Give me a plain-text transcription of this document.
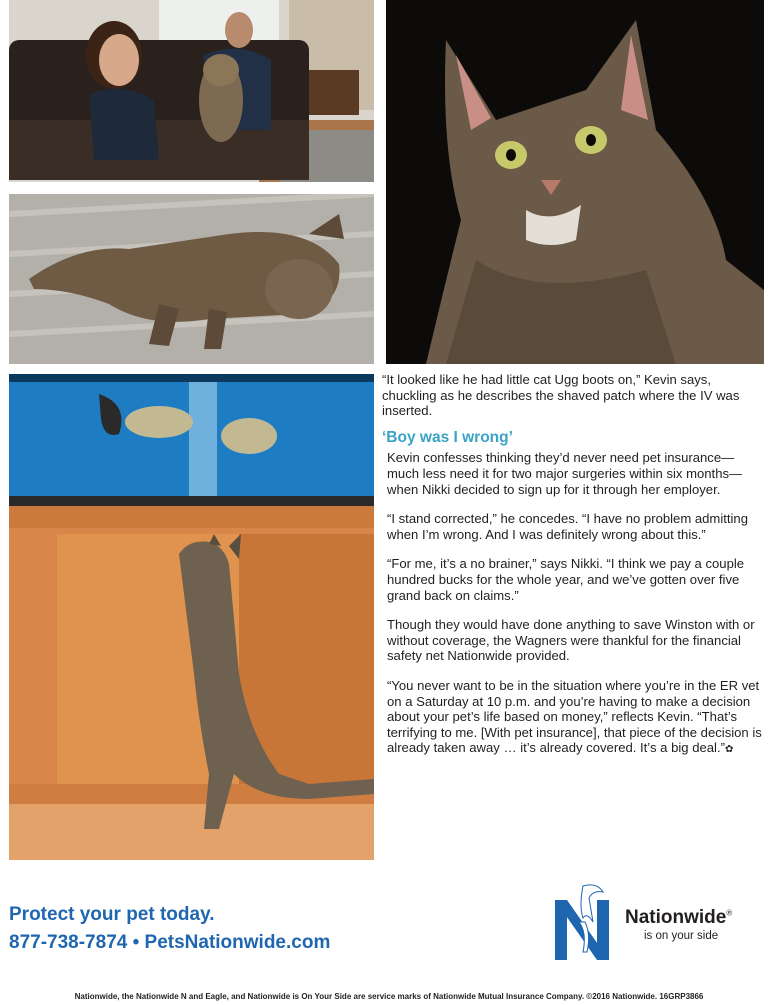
“It looked like he had little cat Ugg boots on,” Kevin says, chuckling as he describes the shaved patch where the IV was inserted.

‘Boy was I wrong’

Kevin confesses thinking they’d never need pet insurance—much less need it for two major surgeries within six months—when Nikki decided to sign up for it through her employer.

“I stand corrected,” he concedes. “I have no problem admitting when I’m wrong. And I was definitely wrong about this.”

“For me, it’s a no brainer,” says Nikki. “I think we pay a couple hundred bucks for the whole year, and we’ve gotten over five grand back on claims.”

Though they would have done anything to save Winston with or without coverage, the Wagners were thankful for the financial safety net Nationwide provided.

“You never want to be in the situation where you’re in the ER vet on a Saturday at 10 p.m. and you’re having to make a decision about your pet’s life based on money,” reflects Kevin. “That’s terrifying to me. [With pet insurance], that piece of the decision is already taken away … it’s already covered. It’s a big deal.”✿

Protect your pet today.
877-738-7874 • PetsNationwide.com
Nationwide®
is on your side
Nationwide, the Nationwide N and Eagle, and Nationwide is On Your Side are service marks of Nationwide Mutual Insurance Company. ©2016 Nationwide. 16GRP3866
